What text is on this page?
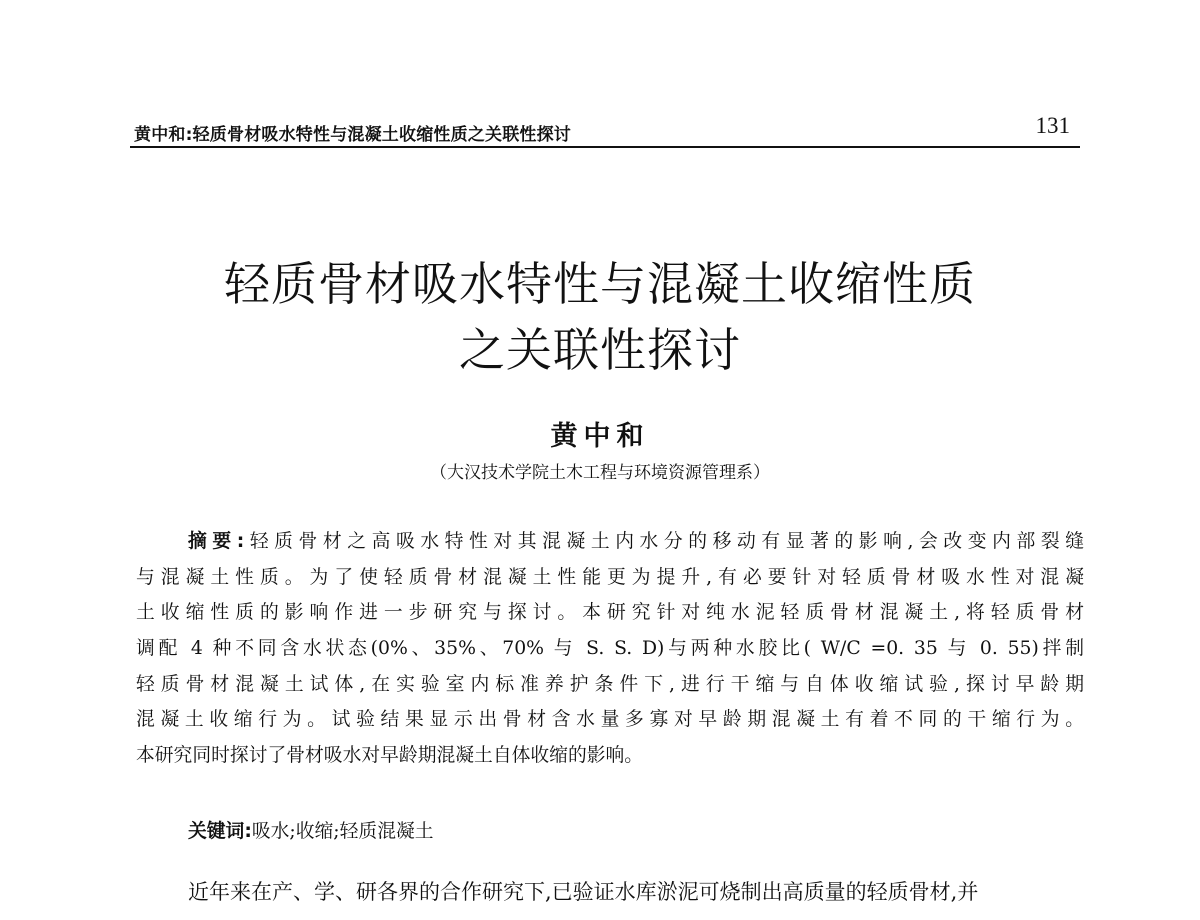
黄中和:轻质骨材吸水特性与混凝土收缩性质之关联性探讨	131
轻质骨材吸水特性与混凝土收缩性质
之关联性探讨
黄中和
（大汉技术学院土木工程与环境资源管理系）
摘要:轻质骨材之高吸水特性对其混凝土内水分的移动有显著的影响,会改变内部裂缝
与混凝土性质。为了使轻质骨材混凝土性能更为提升,有必要针对轻质骨材吸水性对混凝
土收缩性质的影响作进一步研究与探讨。本研究针对纯水泥轻质骨材混凝土,将轻质骨材
调配 4 种不同含水状态(0%、35%、70% 与 S. S. D)与两种水胶比( W/C =0. 35 与 0. 55)拌制
轻质骨材混凝土试体,在实验室内标准养护条件下,进行干缩与自体收缩试验,探讨早龄期
混凝土收缩行为。试验结果显示出骨材含水量多寡对早龄期混凝土有着不同的干缩行为。
本研究同时探讨了骨材吸水对早龄期混凝土自体收缩的影响。
关键词:吸水;收缩;轻质混凝土
近年来在产、学、研各界的合作研究下,已验证水库淤泥可烧制出高质量的轻质骨材,并
